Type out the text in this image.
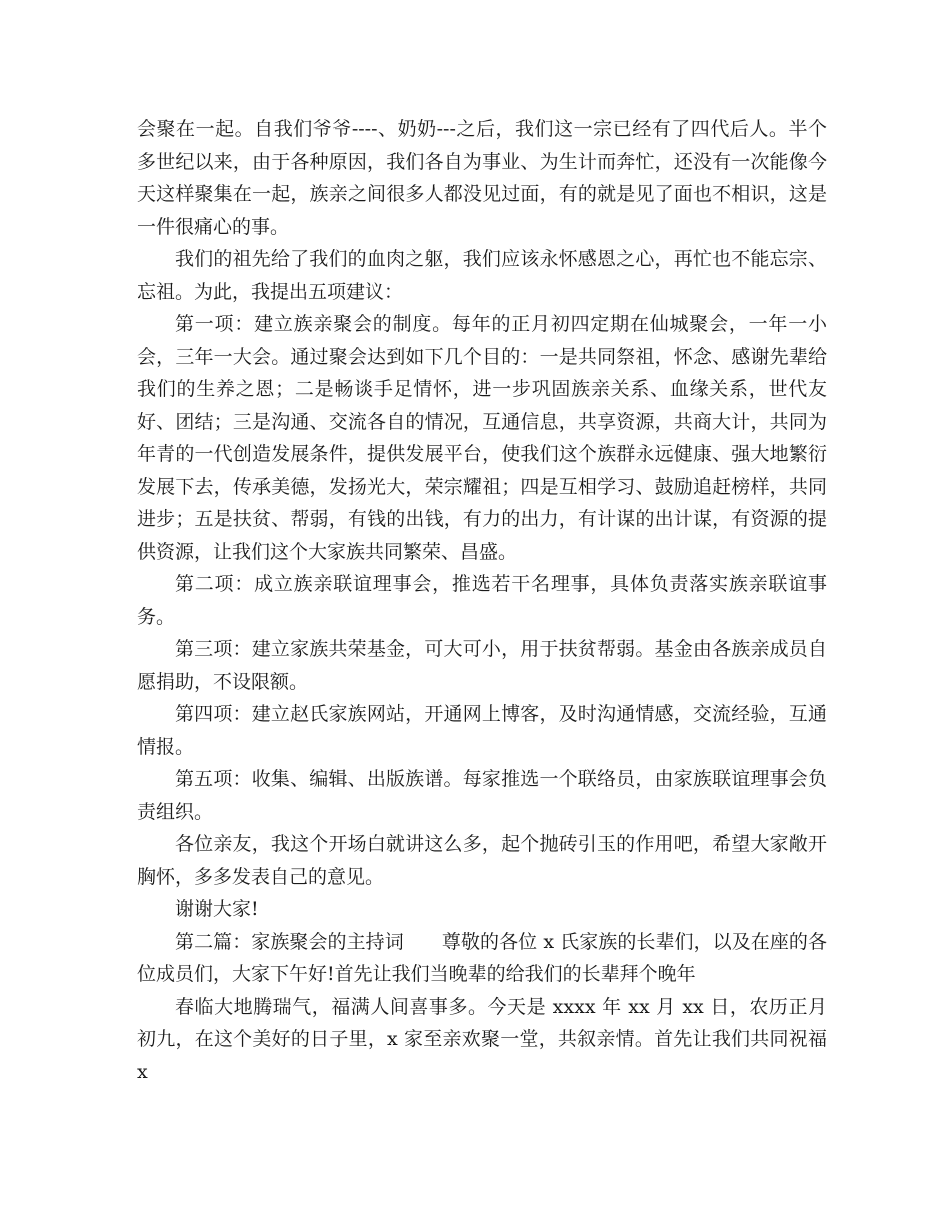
会聚在一起。自我们爷爷----、奶奶---之后，我们这一宗已经有了四代后人。半个多世纪以来，由于各种原因，我们各自为事业、为生计而奔忙，还没有一次能像今天这样聚集在一起，族亲之间很多人都没见过面，有的就是见了面也不相识，这是一件很痛心的事。

我们的祖先给了我们的血肉之躯，我们应该永怀感恩之心，再忙也不能忘宗、忘祖。为此，我提出五项建议：

第一项：建立族亲聚会的制度。每年的正月初四定期在仙城聚会，一年一小会，三年一大会。通过聚会达到如下几个目的：一是共同祭祖，怀念、感谢先辈给我们的生养之恩；二是畅谈手足情怀，进一步巩固族亲关系、血缘关系，世代友好、团结；三是沟通、交流各自的情况，互通信息，共享资源，共商大计，共同为年青的一代创造发展条件，提供发展平台，使我们这个族群永远健康、强大地繁衍发展下去，传承美德，发扬光大，荣宗耀祖；四是互相学习、鼓励追赶榜样，共同进步；五是扶贫、帮弱，有钱的出钱，有力的出力，有计谋的出计谋，有资源的提供资源，让我们这个大家族共同繁荣、昌盛。

第二项：成立族亲联谊理事会，推选若干名理事，具体负责落实族亲联谊事务。

第三项：建立家族共荣基金，可大可小，用于扶贫帮弱。基金由各族亲成员自愿捐助，不设限额。

第四项：建立赵氏家族网站，开通网上博客，及时沟通情感，交流经验，互通情报。

第五项：收集、编辑、出版族谱。每家推选一个联络员，由家族联谊理事会负责组织。

各位亲友，我这个开场白就讲这么多，起个抛砖引玉的作用吧，希望大家敞开胸怀，多多发表自己的意见。

谢谢大家!

第二篇：家族聚会的主持词　　尊敬的各位 x 氏家族的长辈们，以及在座的各位成员们，大家下午好!首先让我们当晚辈的给我们的长辈拜个晚年

春临大地腾瑞气，福满人间喜事多。今天是 xxxx 年 xx 月 xx 日，农历正月初九，在这个美好的日子里，x 家至亲欢聚一堂，共叙亲情。首先让我们共同祝福 x
